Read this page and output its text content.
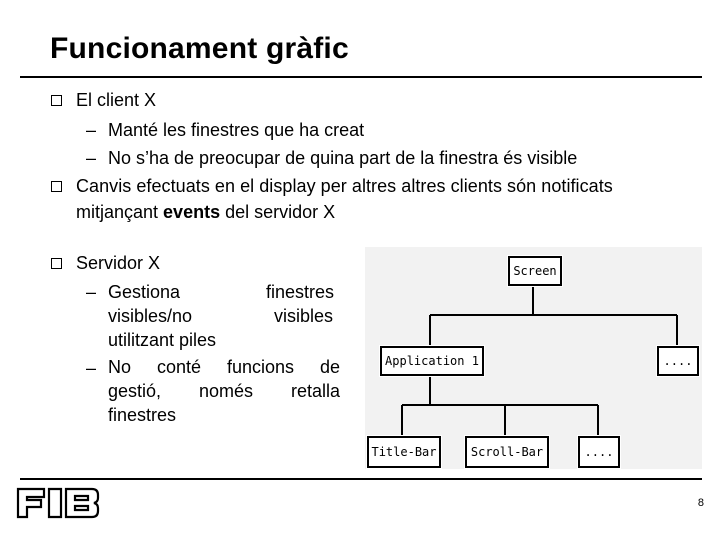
Funcionament gràfic
El client X
– Manté les finestres que ha creat
– No s’ha de preocupar de quina part de la finestra és visible
Canvis efectuats en el display per altres altres clients són notificats
mitjançant events del servidor X
Servidor X
– Gestiona	finestres
visibles/no	visibles
utilitzant piles
– No conté funcions de
gestió, només retalla
finestres
Screen
Application 1	....
Title-Bar	Scroll-Bar	....
8
